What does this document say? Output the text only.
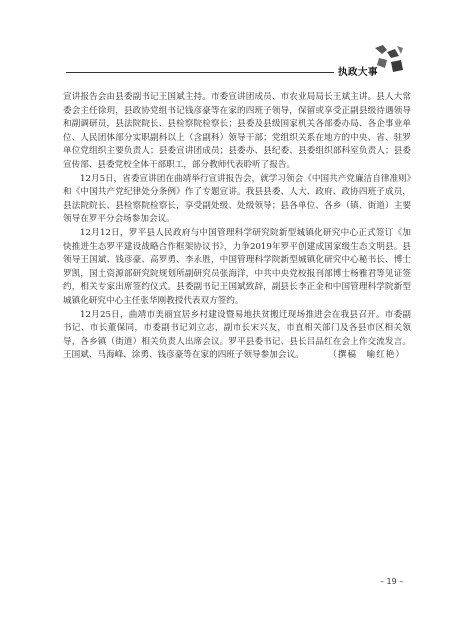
执政大事

宣讲报告会由县委副书记王国斌主持。市委宣讲团成员、市农业局局长王斌主讲。县人大常委会主任徐玥，县政协党组书记钱彦豪等在家的四班子领导，保留或享受正副县级待遇领导和副调研员，县法院院长、县检察院检察长；县委及县级国家机关各部委办局、各企事业单位、人民团体部分实职副科以上（含副科）领导干部；党组织关系在地方的中央、省、驻罗单位党组织主要负责人；县委宣讲团成员；县委办、县纪委、县委组织部科室负责人；县委宣传部、县委党校全体干部职工，部分教师代表聆听了报告。

12月5日，省委宣讲团在曲靖举行宣讲报告会，就学习领会《中国共产党廉洁自律准则》和《中国共产党纪律处分条例》作了专题宣讲。我县县委、人大、政府、政协四班子成员，县法院院长、县检察院检察长，享受副处级、处级领导；县各单位、各乡（镇、街道）主要领导在罗平分会场参加会议。

12月12日，罗平县人民政府与中国管理科学研究院新型城镇化研究中心正式签订《加快推进生态罗平建设战略合作框架协议书》，力争2019年罗平创建成国家级生态文明县。县领导王国斌、钱彦豪、高罗勇、李永胜，中国管理科学院新型城镇化研究中心秘书长、博士罗凯，国土资源部研究院规划所副研究员张海洋，中共中央党校报刊部博士杨雅君等见证签约，相关专家出席签约仪式。县委副书记王国斌致辞，副县长李正金和中国管理科学院新型城镇化研究中心主任张华刚教授代表双方签约。

12月25日，曲靖市美丽宜居乡村建设暨易地扶贫搬迁现场推进会在我县召开。市委副书记、市长董保同，市委副书记刘立志，副市长宋兴友，市直相关部门及各县市区相关领导，各乡镇（街道）相关负责人出席会议。罗平县委书记、县长吕品红在会上作交流发言。王国斌、马海峰、涂勇、钱彦豪等在家的四班子领导参加会议。	（撰稿　喻红艳）
– 19 –
